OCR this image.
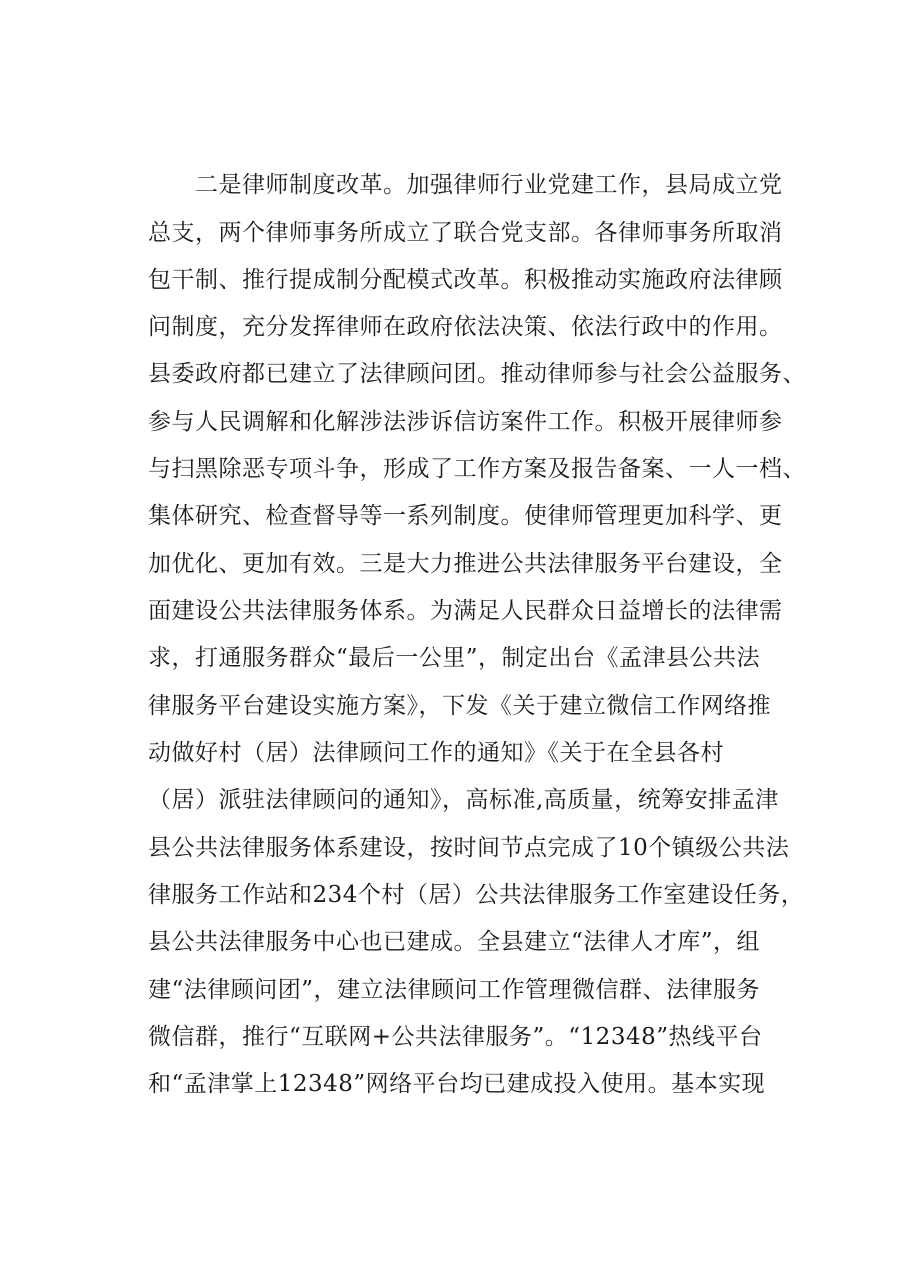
二是律师制度改革。加强律师行业党建工作，县局成立党
总支，两个律师事务所成立了联合党支部。各律师事务所取消
包干制、推行提成制分配模式改革。积极推动实施政府法律顾
问制度，充分发挥律师在政府依法决策、依法行政中的作用。
县委政府都已建立了法律顾问团。推动律师参与社会公益服务、
参与人民调解和化解涉法涉诉信访案件工作。积极开展律师参
与扫黑除恶专项斗争，形成了工作方案及报告备案、一人一档、
集体研究、检查督导等一系列制度。使律师管理更加科学、更
加优化、更加有效。三是大力推进公共法律服务平台建设，全
面建设公共法律服务体系。为满足人民群众日益增长的法律需
求，打通服务群众“最后一公里”，制定出台《孟津县公共法
律服务平台建设实施方案》，下发《关于建立微信工作网络推
动做好村（居）法律顾问工作的通知》《关于在全县各村
（居）派驻法律顾问的通知》，高标准,高质量，统筹安排孟津
县公共法律服务体系建设，按时间节点完成了10个镇级公共法
律服务工作站和234个村（居）公共法律服务工作室建设任务，
县公共法律服务中心也已建成。全县建立“法律人才库”，组
建“法律顾问团”，建立法律顾问工作管理微信群、法律服务
微信群，推行“互联网+公共法律服务”。“12348”热线平台
和“孟津掌上12348”网络平台均已建成投入使用。基本实现
